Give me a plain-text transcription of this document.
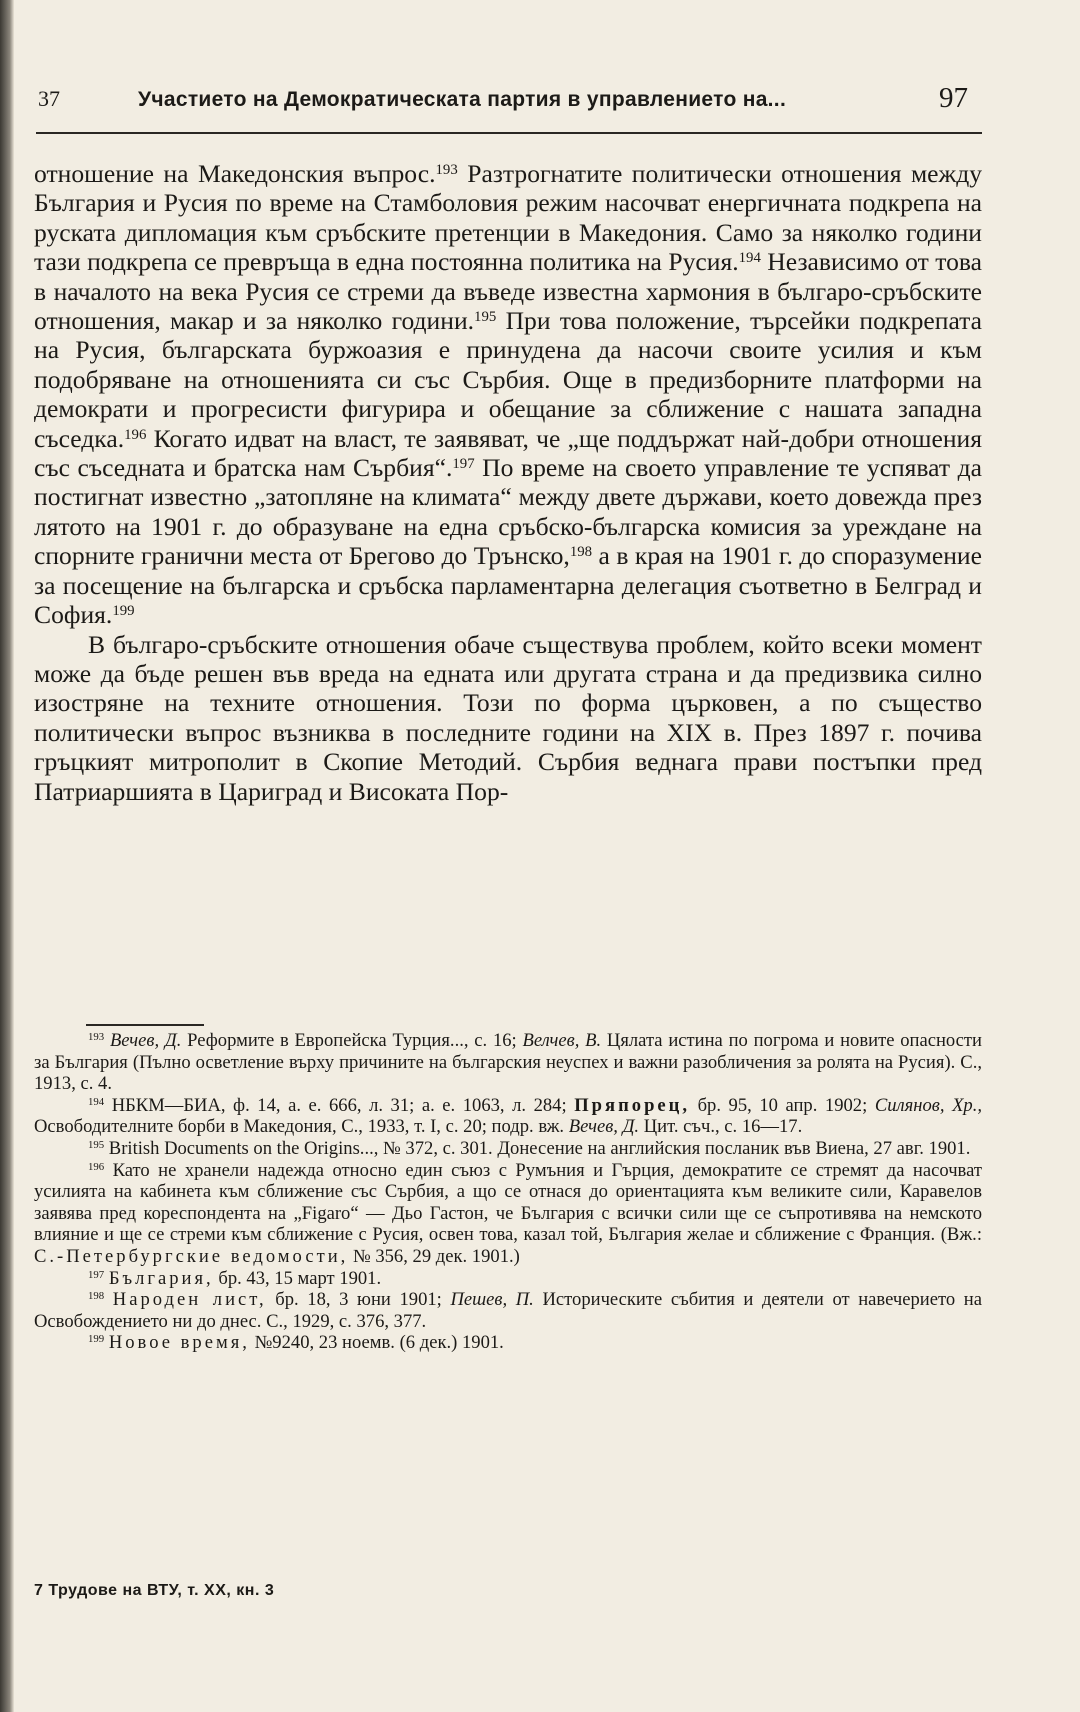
37	Участието на Демократическата партия в управлението на...	97

отношение на Македонския въпрос.$^{193}$ Разтрогнатите политически отношения между България и Русия по време на Стамболовия режим насочват енергичната подкрепа на руската дипломация към сръбските претенции в Македония. Само за няколко години тази подкрепа се превръща в една постоянна политика на Русия.$^{194}$ Независимо от това в началото на века Русия се стреми да въведе известна хармония в българо-сръбските отношения, макар и за няколко години.$^{195}$ При това положение, търсейки подкрепата на Русия, българската буржоазия е принудена да насочи своите усилия и към подобряване на отношенията си със Сърбия. Още в предизборните платформи на демократи и прогресисти фигурира и обещание за сближение с нашата западна съседка.$^{196}$ Когато идват на власт, те заявяват, че „ще поддържат най-добри отношения със съседната и братска нам Сърбия“.$^{197}$ По време на своето управление те успяват да постигнат известно „затопляне на климата“ между двете държави, което довежда през лятото на 1901 г. до образуване на една сръбско-българска комисия за уреждане на спорните гранични места от Брегово до Трънско,$^{198}$ а в края на 1901 г. до споразумение за посещение на българска и сръбска парламентарна делегация съответно в Белград и София.$^{199}$

В българо-сръбските отношения обаче съществува проблем, който всеки момент може да бъде решен във вреда на едната или другата страна и да предизвика силно изостряне на техните отношения. Този по форма църковен, а по същество политически въпрос възниква в последните години на XIX в. През 1897 г. почива гръцкият митрополит в Скопие Методий. Сърбия веднага прави постъпки пред Патриаршията в Цариград и Високата Пор-

$^{193}$ Вечев, Д. Реформите в Европейска Турция..., с. 16; Велчев, В. Цялата истина по погрома и новите опасности за България (Пълно осветление върху причините на българския неуспех и важни разобличения за ролята на Русия). С., 1913, с. 4.

$^{194}$ НБКМ—БИА, ф. 14, а. е. 666, л. 31; а. е. 1063, л. 284; Пряпорец, бр. 95, 10 апр. 1902; Силянов, Хр., Освободителните борби в Македония, С., 1933, т. I, с. 20; подр. вж. Вечев, Д. Цит. съч., с. 16—17.

$^{195}$ British Documents on the Origins..., № 372, с. 301. Донесение на английския посланик във Виена, 27 авг. 1901.

$^{196}$ Като не хранели надежда относно един съюз с Румъния и Гърция, демократите се стремят да насочват усилията на кабинета към сближение със Сърбия, а що се отнася до ориентацията към великите сили, Каравелов заявява пред кореспондента на „Figaro“ — Дьо Гастон, че България с всички сили ще се съпротивява на немското влияние и ще се стреми към сближение с Русия, освен това, казал той, България желае и сближение с Франция. (Вж.: С.-Петербургские ведомости, № 356, 29 дек. 1901.)

$^{197}$ България, бр. 43, 15 март 1901.

$^{198}$ Народен лист, бр. 18, 3 юни 1901; Пешев, П. Историческите събития и деятели от навечерието на Освобождението ни до днес. С., 1929, с. 376, 377.

$^{199}$ Новое время, №9240, 23 ноемв. (6 дек.) 1901.

7 Трудове на ВТУ, т. XX, кн. 3
